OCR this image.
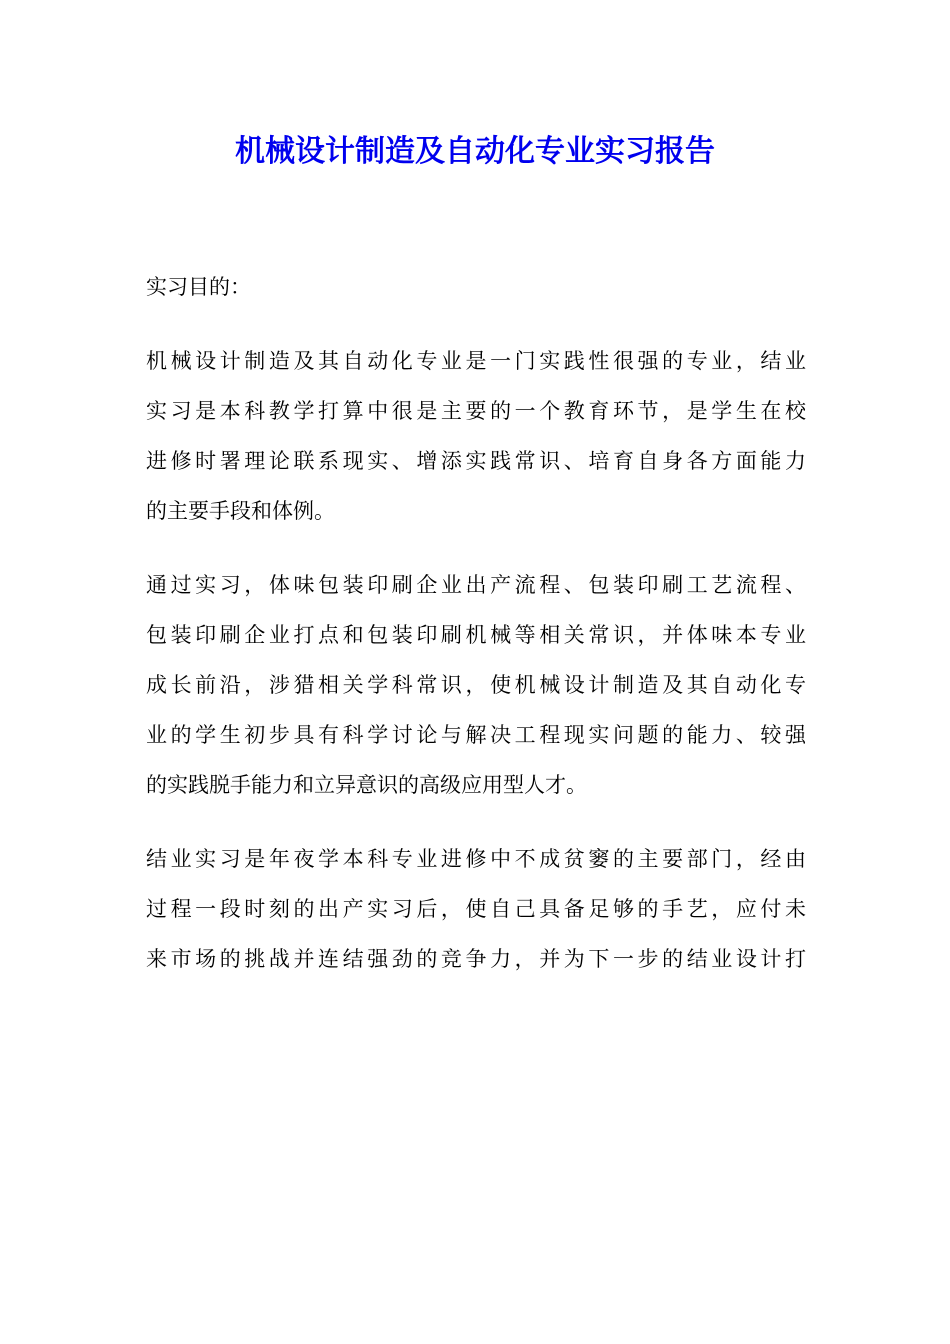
机械设计制造及自动化专业实习报告
实习目的：
机械设计制造及其自动化专业是一门实践性很强的专业，结业
实习是本科教学打算中很是主要的一个教育环节，是学生在校
进修时署理论联系现实、增添实践常识、培育自身各方面能力
的主要手段和体例。
通过实习，体味包装印刷企业出产流程、包装印刷工艺流程、
包装印刷企业打点和包装印刷机械等相关常识，并体味本专业
成长前沿，涉猎相关学科常识，使机械设计制造及其自动化专
业的学生初步具有科学讨论与解决工程现实问题的能力、较强
的实践脱手能力和立异意识的高级应用型人才。
结业实习是年夜学本科专业进修中不成贫窭的主要部门，经由
过程一段时刻的出产实习后，使自己具备足够的手艺，应付未
来市场的挑战并连结强劲的竞争力，并为下一步的结业设计打
